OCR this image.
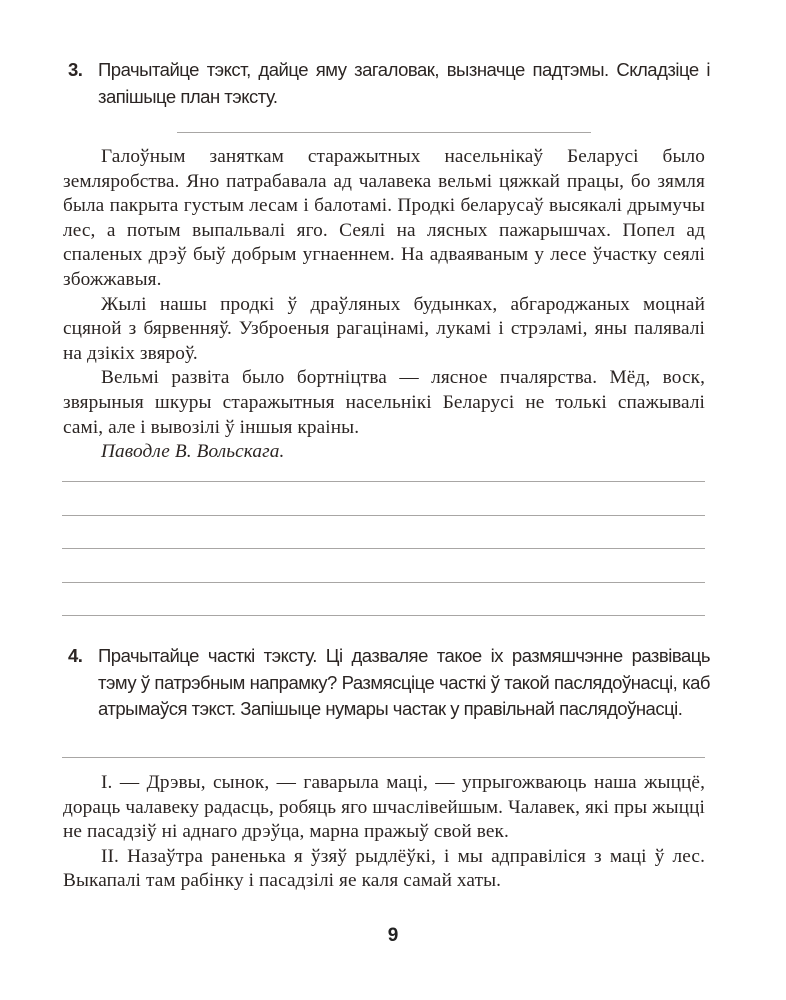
3. Прачытайце тэкст, дайце яму загаловак, вызначце падтэмы. Складзіце і запішыце план тэксту.

Галоўным заняткам старажытных насельнікаў Беларусі было земляробства. Яно патрабавала ад чалавека вельмі цяжкай працы, бо зямля была пакрыта густым лесам і балотамі. Продкі беларусаў высякалі дрымучы лес, а потым выпальвалі яго. Сеялі на лясных пажарышчах. Попел ад спаленых дрэў быў добрым угнаеннем. На адваяваным у лесе ўчастку сеялі збожжавыя.

Жылі нашы продкі ў драўляных будынках, абгароджаных моцнай сцяной з бярвенняў. Узброеныя рагацінамі, лукамі і стрэламі, яны палявалі на дзікіх звяроў.

Вельмі развіта было бортніцтва — лясное пчалярства. Мёд, воск, звярыныя шкуры старажытныя насельнікі Беларусі не толькі спажывалі самі, але і вывозілі ў іншыя краіны.

Паводле В. Вольскага.

4. Прачытайце часткі тэксту. Ці дазваляе такое іх размяшчэнне развіваць тэму ў патрэбным напрамку? Размясціце часткі ў такой паслядоўнасці, каб атрымаўся тэкст. Запішыце нумары частак у правільнай паслядоўнасці.

I. — Дрэвы, сынок, — гаварыла маці, — упрыгожваюць наша жыццё, дораць чалавеку радасць, робяць яго шчаслівейшым. Чалавек, які пры жыцці не пасадзіў ні аднаго дрэўца, марна пражыў свой век.

II. Назаўтра раненька я ўзяў рыдлёўкі, і мы адправіліся з маці ў лес. Выкапалі там рабінку і пасадзілі яе каля самай хаты.

9
